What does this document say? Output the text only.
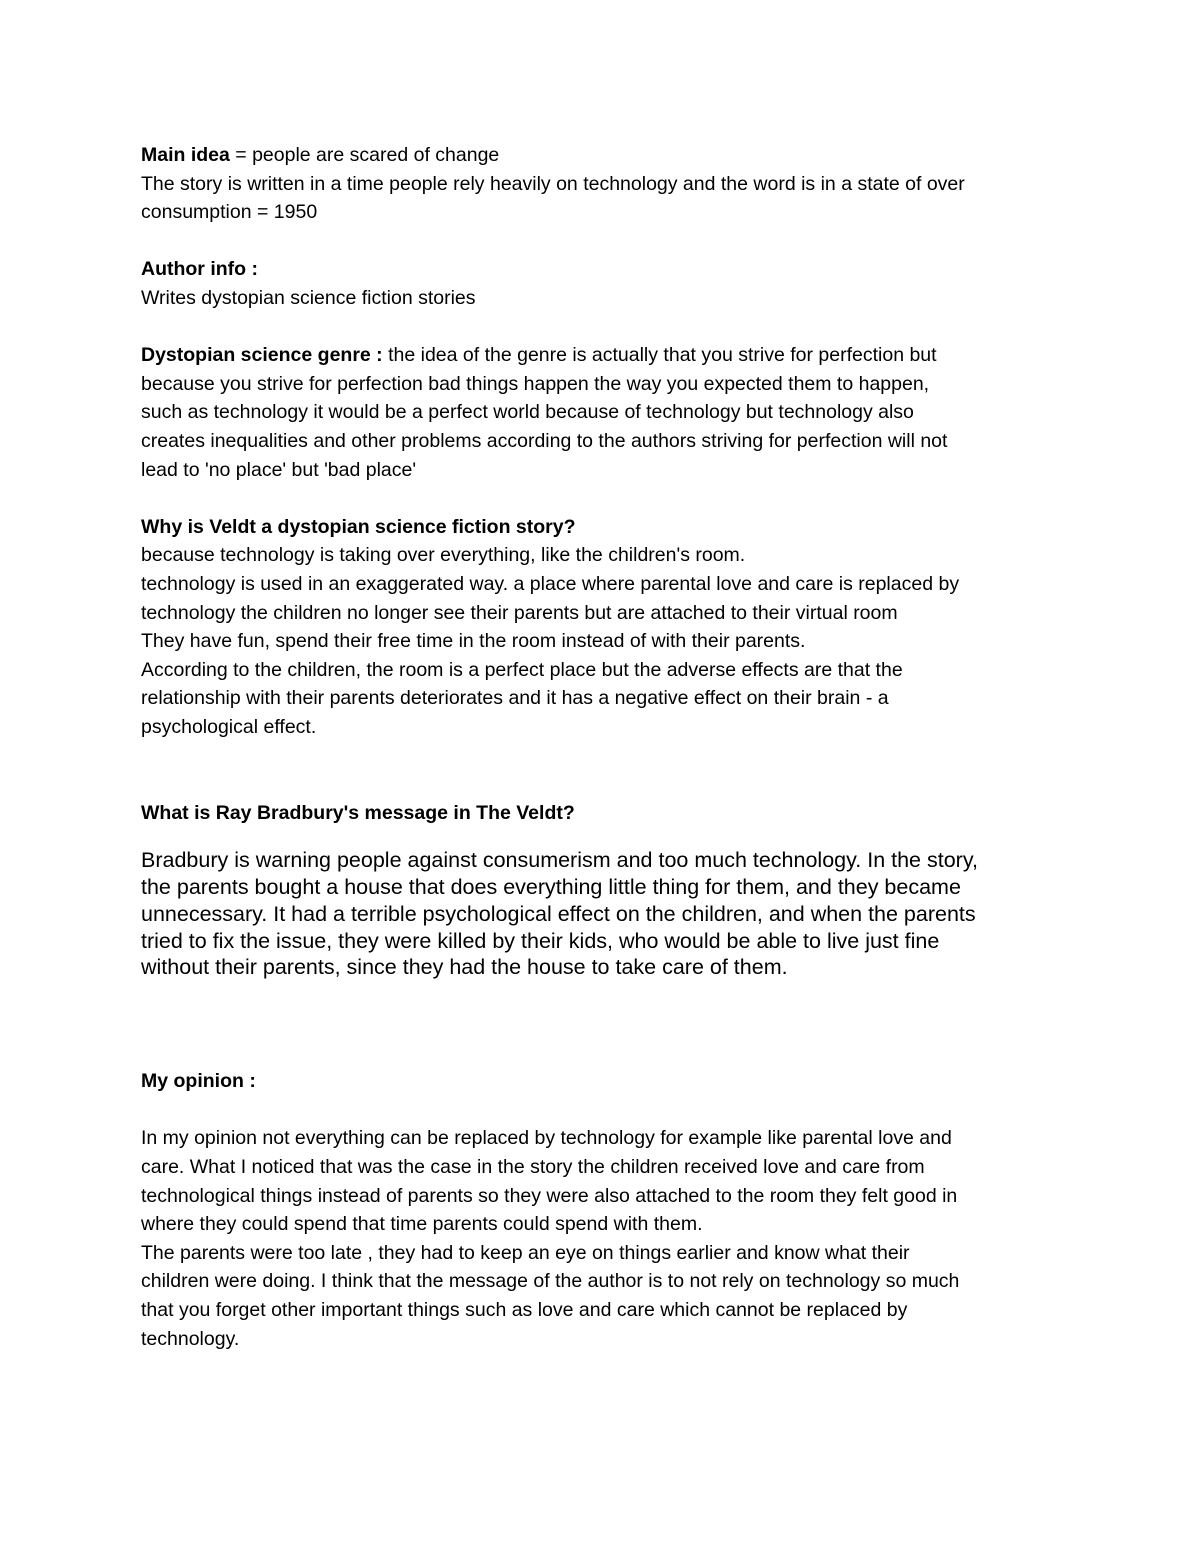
Main idea = people are scared of change

The story is written in a time people rely heavily on technology and the word is in a state of over

consumption = 1950

Author info :

Writes dystopian science fiction stories

Dystopian science genre : the idea of the genre is actually that you strive for perfection but

because you strive for perfection bad things happen the way you expected them to happen,

such as technology it would be a perfect world because of technology but technology also

creates inequalities and other problems according to the authors striving for perfection will not

lead to 'no place' but 'bad place'

Why is Veldt a dystopian science fiction story?

because technology is taking over everything, like the children's room.

technology is used in an exaggerated way. a place where parental love and care is replaced by

technology the children no longer see their parents but are attached to their virtual room

They have fun, spend their free time in the room instead of with their parents.

According to the children, the room is a perfect place but the adverse effects are that the

relationship with their parents deteriorates and it has a negative effect on their brain - a

psychological effect.

What is Ray Bradbury's message in The Veldt?

Bradbury is warning people against consumerism and too much technology. In the story,

the parents bought a house that does everything little thing for them, and they became

unnecessary. It had a terrible psychological effect on the children, and when the parents

tried to fix the issue, they were killed by their kids, who would be able to live just fine

without their parents, since they had the house to take care of them.

My opinion :

In my opinion not everything can be replaced by technology for example like parental love and

care. What I noticed that was the case in the story the children received love and care from

technological things instead of parents so they were also attached to the room they felt good in

where they could spend that time parents could spend with them.

The parents were too late , they had to keep an eye on things earlier and know what their

children were doing. I think that the message of the author is to not rely on technology so much

that you forget other important things such as love and care which cannot be replaced by

technology.
